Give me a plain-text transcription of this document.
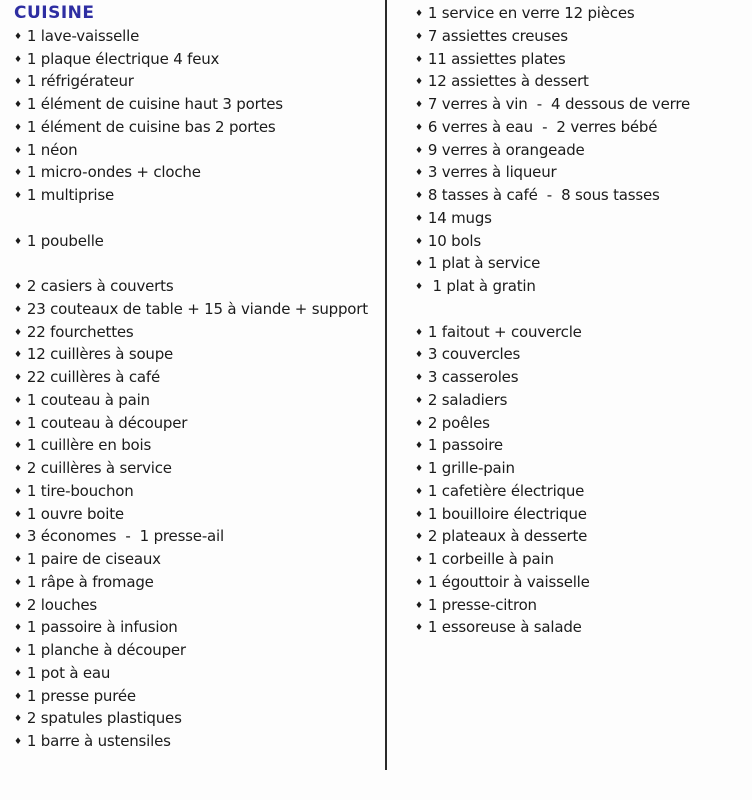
CUISINE
♦ 1 lave-vaisselle
♦ 1 plaque électrique 4 feux
♦ 1 réfrigérateur
♦ 1 élément de cuisine haut 3 portes
♦ 1 élément de cuisine bas 2 portes
♦ 1 néon
♦ 1 micro-ondes + cloche
♦ 1 multiprise
♦ 1 poubelle
♦ 2 casiers à couverts
♦ 23 couteaux de table + 15 à viande + support
♦ 22 fourchettes
♦ 12 cuillères à soupe
♦ 22 cuillères à café
♦ 1 couteau à pain
♦ 1 couteau à découper
♦ 1 cuillère en bois
♦ 2 cuillères à service
♦ 1 tire-bouchon
♦ 1 ouvre boite
♦ 3 économes  -  1 presse-ail
♦ 1 paire de ciseaux
♦ 1 râpe à fromage
♦ 2 louches
♦ 1 passoire à infusion
♦ 1 planche à découper
♦ 1 pot à eau
♦ 1 presse purée
♦ 2 spatules plastiques
♦ 1 barre à ustensiles
♦ 1 service en verre 12 pièces
♦ 7 assiettes creuses
♦ 11 assiettes plates
♦ 12 assiettes à dessert
♦ 7 verres à vin  -  4 dessous de verre
♦ 6 verres à eau  -  2 verres bébé
♦ 9 verres à orangeade
♦ 3 verres à liqueur
♦ 8 tasses à café  -  8 sous tasses
♦ 14 mugs
♦ 10 bols
♦ 1 plat à service
♦ 1 plat à gratin
♦ 1 faitout + couvercle
♦ 3 couvercles
♦ 3 casseroles
♦ 2 saladiers
♦ 2 poêles
♦ 1 passoire
♦ 1 grille-pain
♦ 1 cafetière électrique
♦ 1 bouilloire électrique
♦ 2 plateaux à desserte
♦ 1 corbeille à pain
♦ 1 égouttoir à vaisselle
♦ 1 presse-citron
♦ 1 essoreuse à salade
